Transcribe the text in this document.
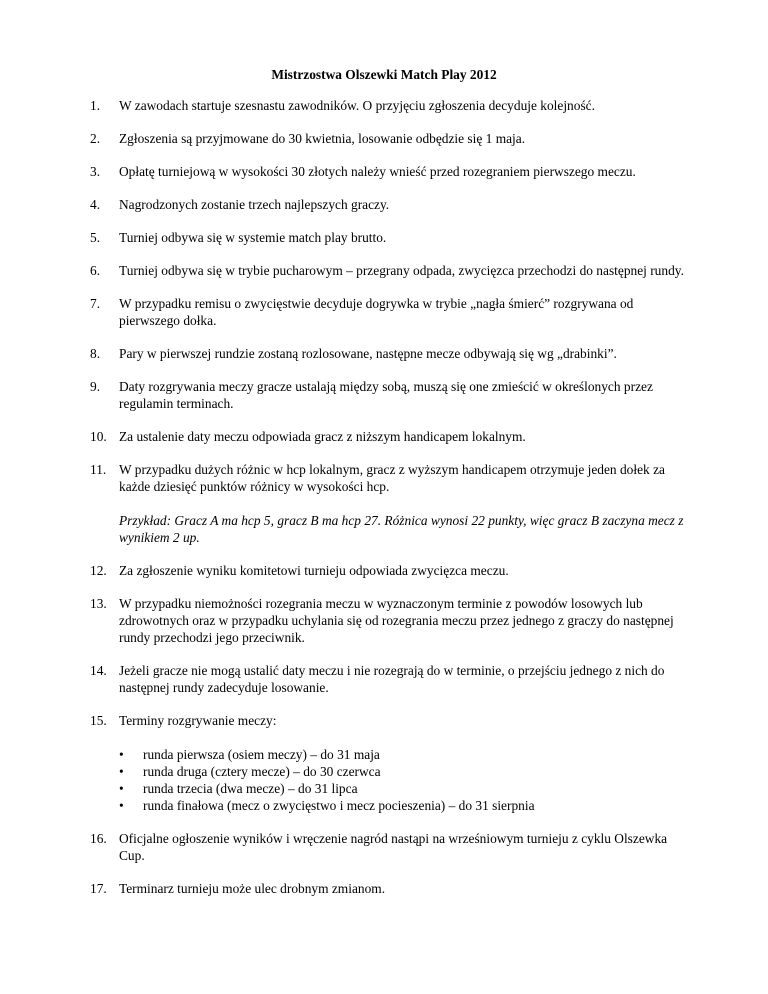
Mistrzostwa Olszewki Match Play 2012
1. W zawodach startuje szesnastu zawodników. O przyjęciu zgłoszenia decyduje kolejność.
2. Zgłoszenia są przyjmowane do 30 kwietnia, losowanie odbędzie się 1 maja.
3. Opłatę turniejową w wysokości 30 złotych należy wnieść przed rozegraniem pierwszego meczu.
4. Nagrodzonych zostanie trzech najlepszych graczy.
5. Turniej odbywa się w systemie match play brutto.
6. Turniej odbywa się w trybie pucharowym – przegrany odpada, zwycięzca przechodzi do następnej rundy.
7. W przypadku remisu o zwycięstwie decyduje dogrywka w trybie „nagła śmierć” rozgrywana od pierwszego dołka.
8. Pary w pierwszej rundzie zostaną rozlosowane, następne mecze odbywają się wg „drabinki”.
9. Daty rozgrywania meczy gracze ustalają między sobą, muszą się one zmieścić w określonych przez regulamin terminach.
10. Za ustalenie daty meczu odpowiada gracz z niższym handicapem lokalnym.
11. W przypadku dużych różnic w hcp lokalnym, gracz z wyższym handicapem otrzymuje jeden dołek za każde dziesięć punktów różnicy w wysokości hcp.
Przykład: Gracz A ma hcp 5, gracz B ma hcp 27. Różnica wynosi 22 punkty, więc gracz B zaczyna mecz z wynikiem 2 up.
12. Za zgłoszenie wyniku komitetowi turnieju odpowiada zwycięzca meczu.
13. W przypadku niemożności rozegrania meczu w wyznaczonym terminie z powodów losowych lub zdrowotnych oraz w przypadku uchylania się od rozegrania meczu przez jednego z graczy do następnej rundy przechodzi jego przeciwnik.
14. Jeżeli gracze nie mogą ustalić daty meczu i nie rozegrają do w terminie, o przejściu jednego z nich do następnej rundy zadecyduje losowanie.
15. Terminy rozgrywanie meczy:
• runda pierwsza (osiem meczy) – do 31 maja
• runda druga (cztery mecze) – do 30 czerwca
• runda trzecia (dwa mecze) – do 31 lipca
• runda finałowa (mecz o zwycięstwo i mecz pocieszenia) – do 31 sierpnia
16. Oficjalne ogłoszenie wyników i wręczenie nagród nastąpi na wrześniowym turnieju z cyklu Olszewka Cup.
17. Terminarz turnieju może ulec drobnym zmianom.
